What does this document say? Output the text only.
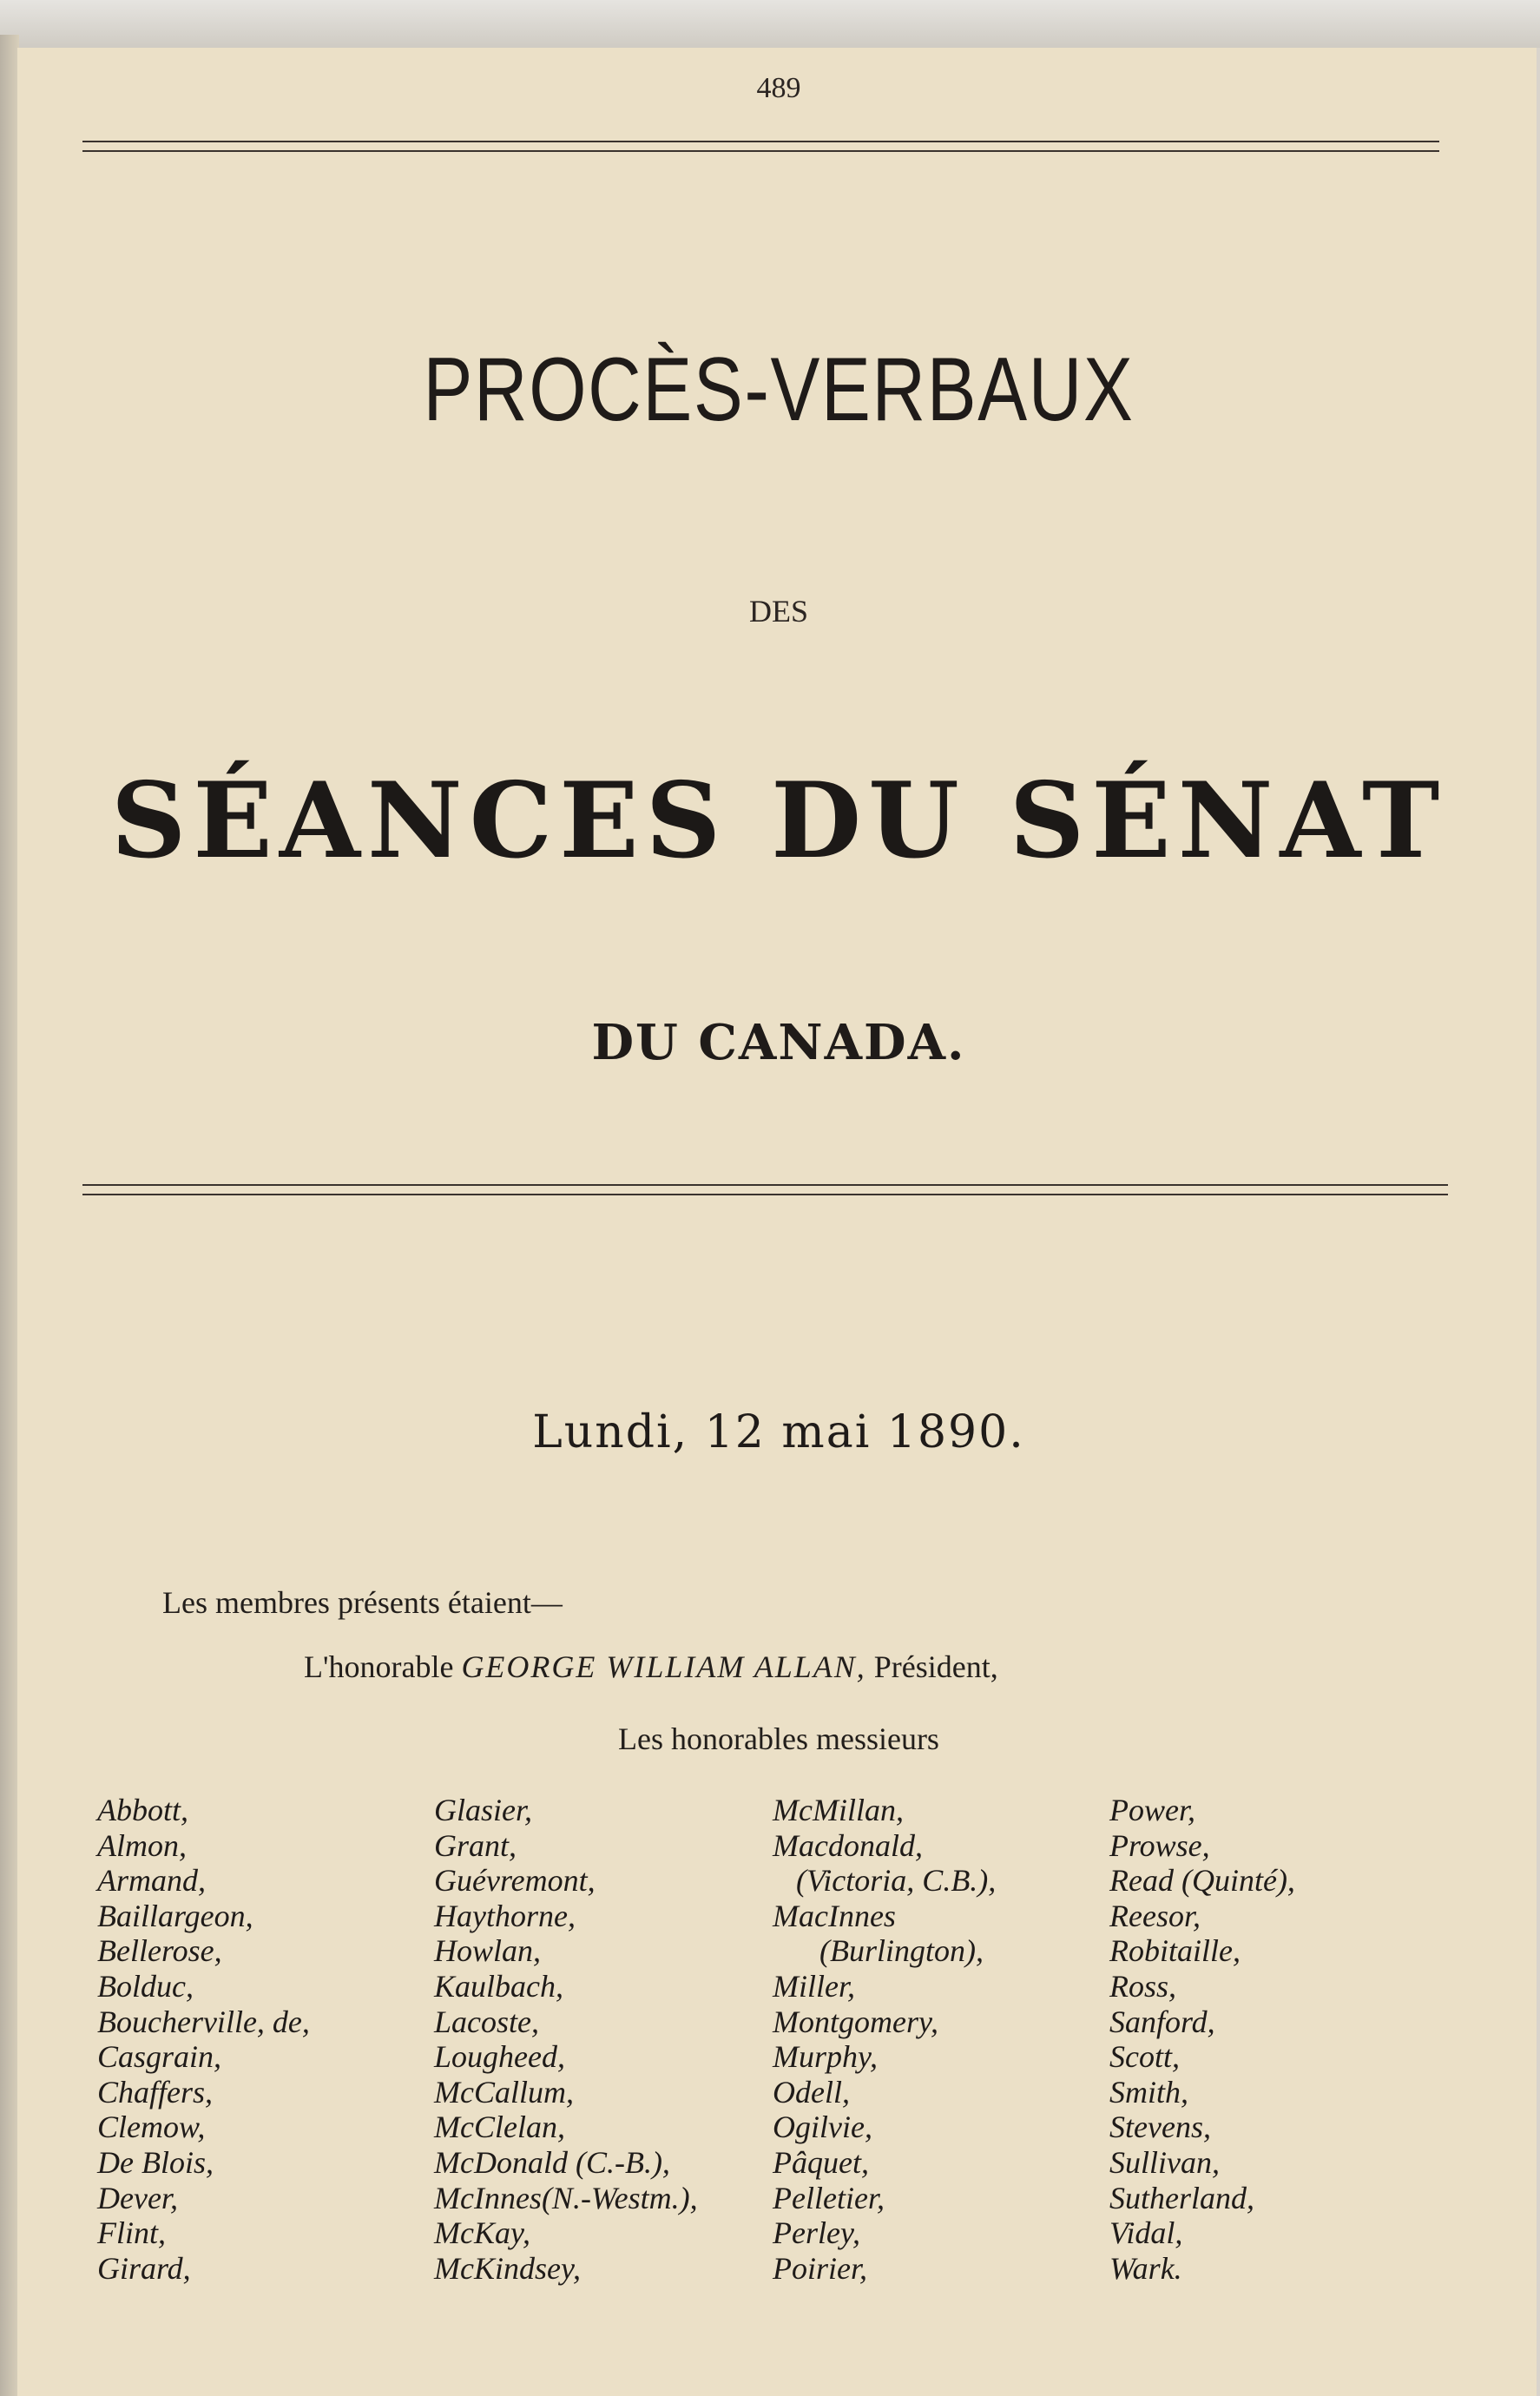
489
PROCÈS-VERBAUX
DES
SÉANCES DU SÉNAT
DU CANADA.
Lundi, 12 mai 1890.
Les membres présents étaient—
L'honorable GEORGE WILLIAM ALLAN, Président,
Les honorables messieurs
Abbott,
Almon,
Armand,
Baillargeon,
Bellerose,
Bolduc,
Boucherville, de,
Casgrain,
Chaffers,
Clemow,
De Blois,
Dever,
Flint,
Girard,
Glasier,
Grant,
Guévremont,
Haythorne,
Howlan,
Kaulbach,
Lacoste,
Lougheed,
McCallum,
McClelan,
McDonald (C.-B.),
McInnes(N.-Westm.),
McKay,
McKindsey,
McMillan,
Macdonald,
(Victoria, C.B.),
MacInnes
(Burlington),
Miller,
Montgomery,
Murphy,
Odell,
Ogilvie,
Pâquet,
Pelletier,
Perley,
Poirier,
Power,
Prowse,
Read (Quinté),
Reesor,
Robitaille,
Ross,
Sanford,
Scott,
Smith,
Stevens,
Sullivan,
Sutherland,
Vidal,
Wark.
